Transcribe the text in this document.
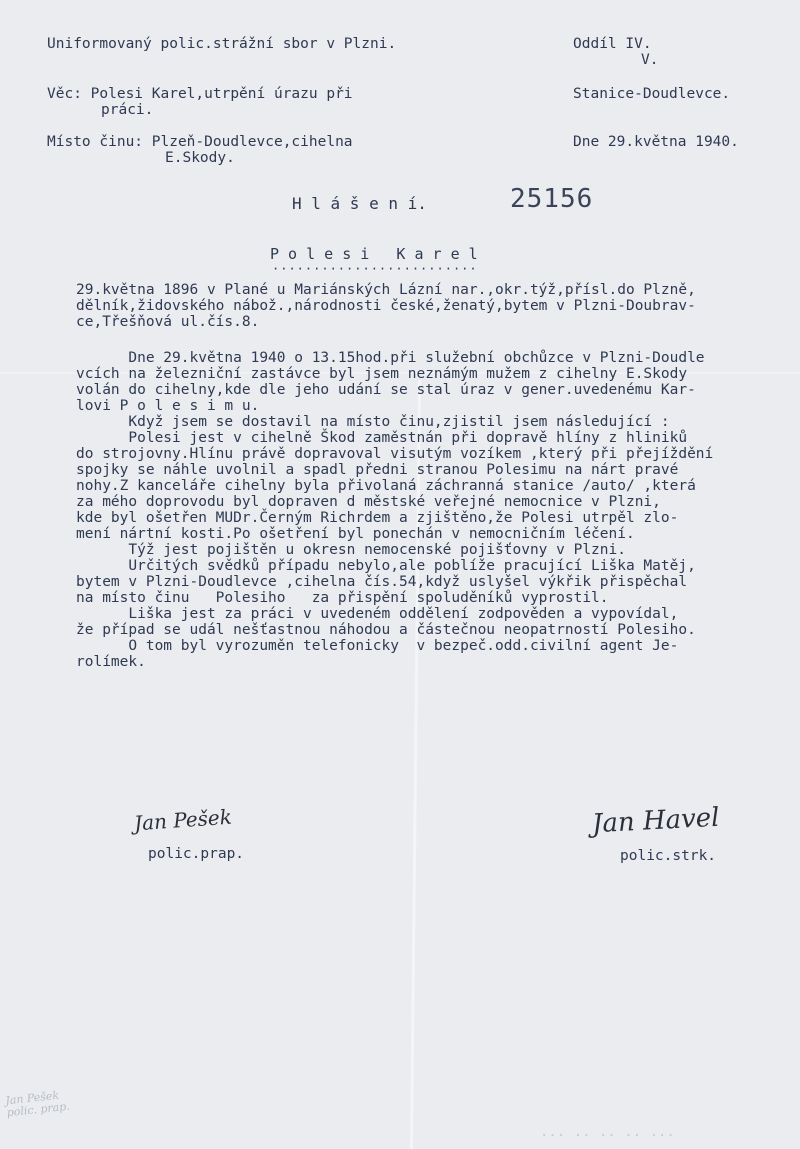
Uniformovaný polic.strážní sbor v Plzni.	Oddíl IV.
V.
Věc: Polesi Karel,utrpění úrazu při
práci.
Stanice-Doudlevce.
Místo činu: Plzeň-Doudlevce,cihelna
E.Skody.
Dne 29.května 1940.
H l á š e n í.	25156
P o l e s i   K a r e l
·························
29.května 1896 v Plané u Mariánských Lázní nar.,okr.týž,přísl.do Plzně,
dělník,židovského nábož.,národnosti české,ženatý,bytem v Plzni-Doubrav-
ce,Třešňová ul.čís.8.
Dne 29.května 1940 o 13.15hod.při služební obchůzce v Plzni-Doudle
vcích na železniční zastávce byl jsem neznámým mužem z cihelny E.Skody
volán do cihelny,kde dle jeho udání se stal úraz v gener.uvedenému Kar-
lovi P o l e s i m u.
Když jsem se dostavil na místo činu,zjistil jsem následující :
Polesi jest v cihelně Škod zaměstnán při dopravě hlíny z hliniků
do strojovny.Hlínu právě dopravoval visutým vozíkem ,který při přejíždění
spojky se náhle uvolnil a spadl předni stranou Polesimu na nárt pravé
nohy.Z kanceláře cihelny byla přivolaná záchranná stanice /auto/ ,která
za mého doprovodu byl dopraven d městské veřejné nemocnice v Plzni,
kde byl ošetřen MUDr.Černým Richrdem a zjištěno,že Polesi utrpěl zlo-
mení nártní kosti.Po ošetření byl ponechán v nemocničním léčení.
Týž jest pojištěn u okresn nemocenské pojišťovny v Plzni.
Určitých svědků případu nebylo,ale poblíže pracující Liška Matěj,
bytem v Plzni-Doudlevce ,cihelna čís.54,když uslyšel výkřik přispěchal
na místo činu   Polesiho   za přispění spoluděníků vyprostil.
Liška jest za práci v uvedeném oddělení zodpověden a vypovídal,
že případ se udál nešťastnou náhodou a částečnou neopatrností Polesiho.
O tom byl vyrozuměn telefonicky  v bezpeč.odd.civilní agent Je-
rolímek.
Jan Pešek
polic.prap.
Jan Havel
polic.strk.
Jan Pešek
polic. prap.
··· ·· ·· ·· ···
